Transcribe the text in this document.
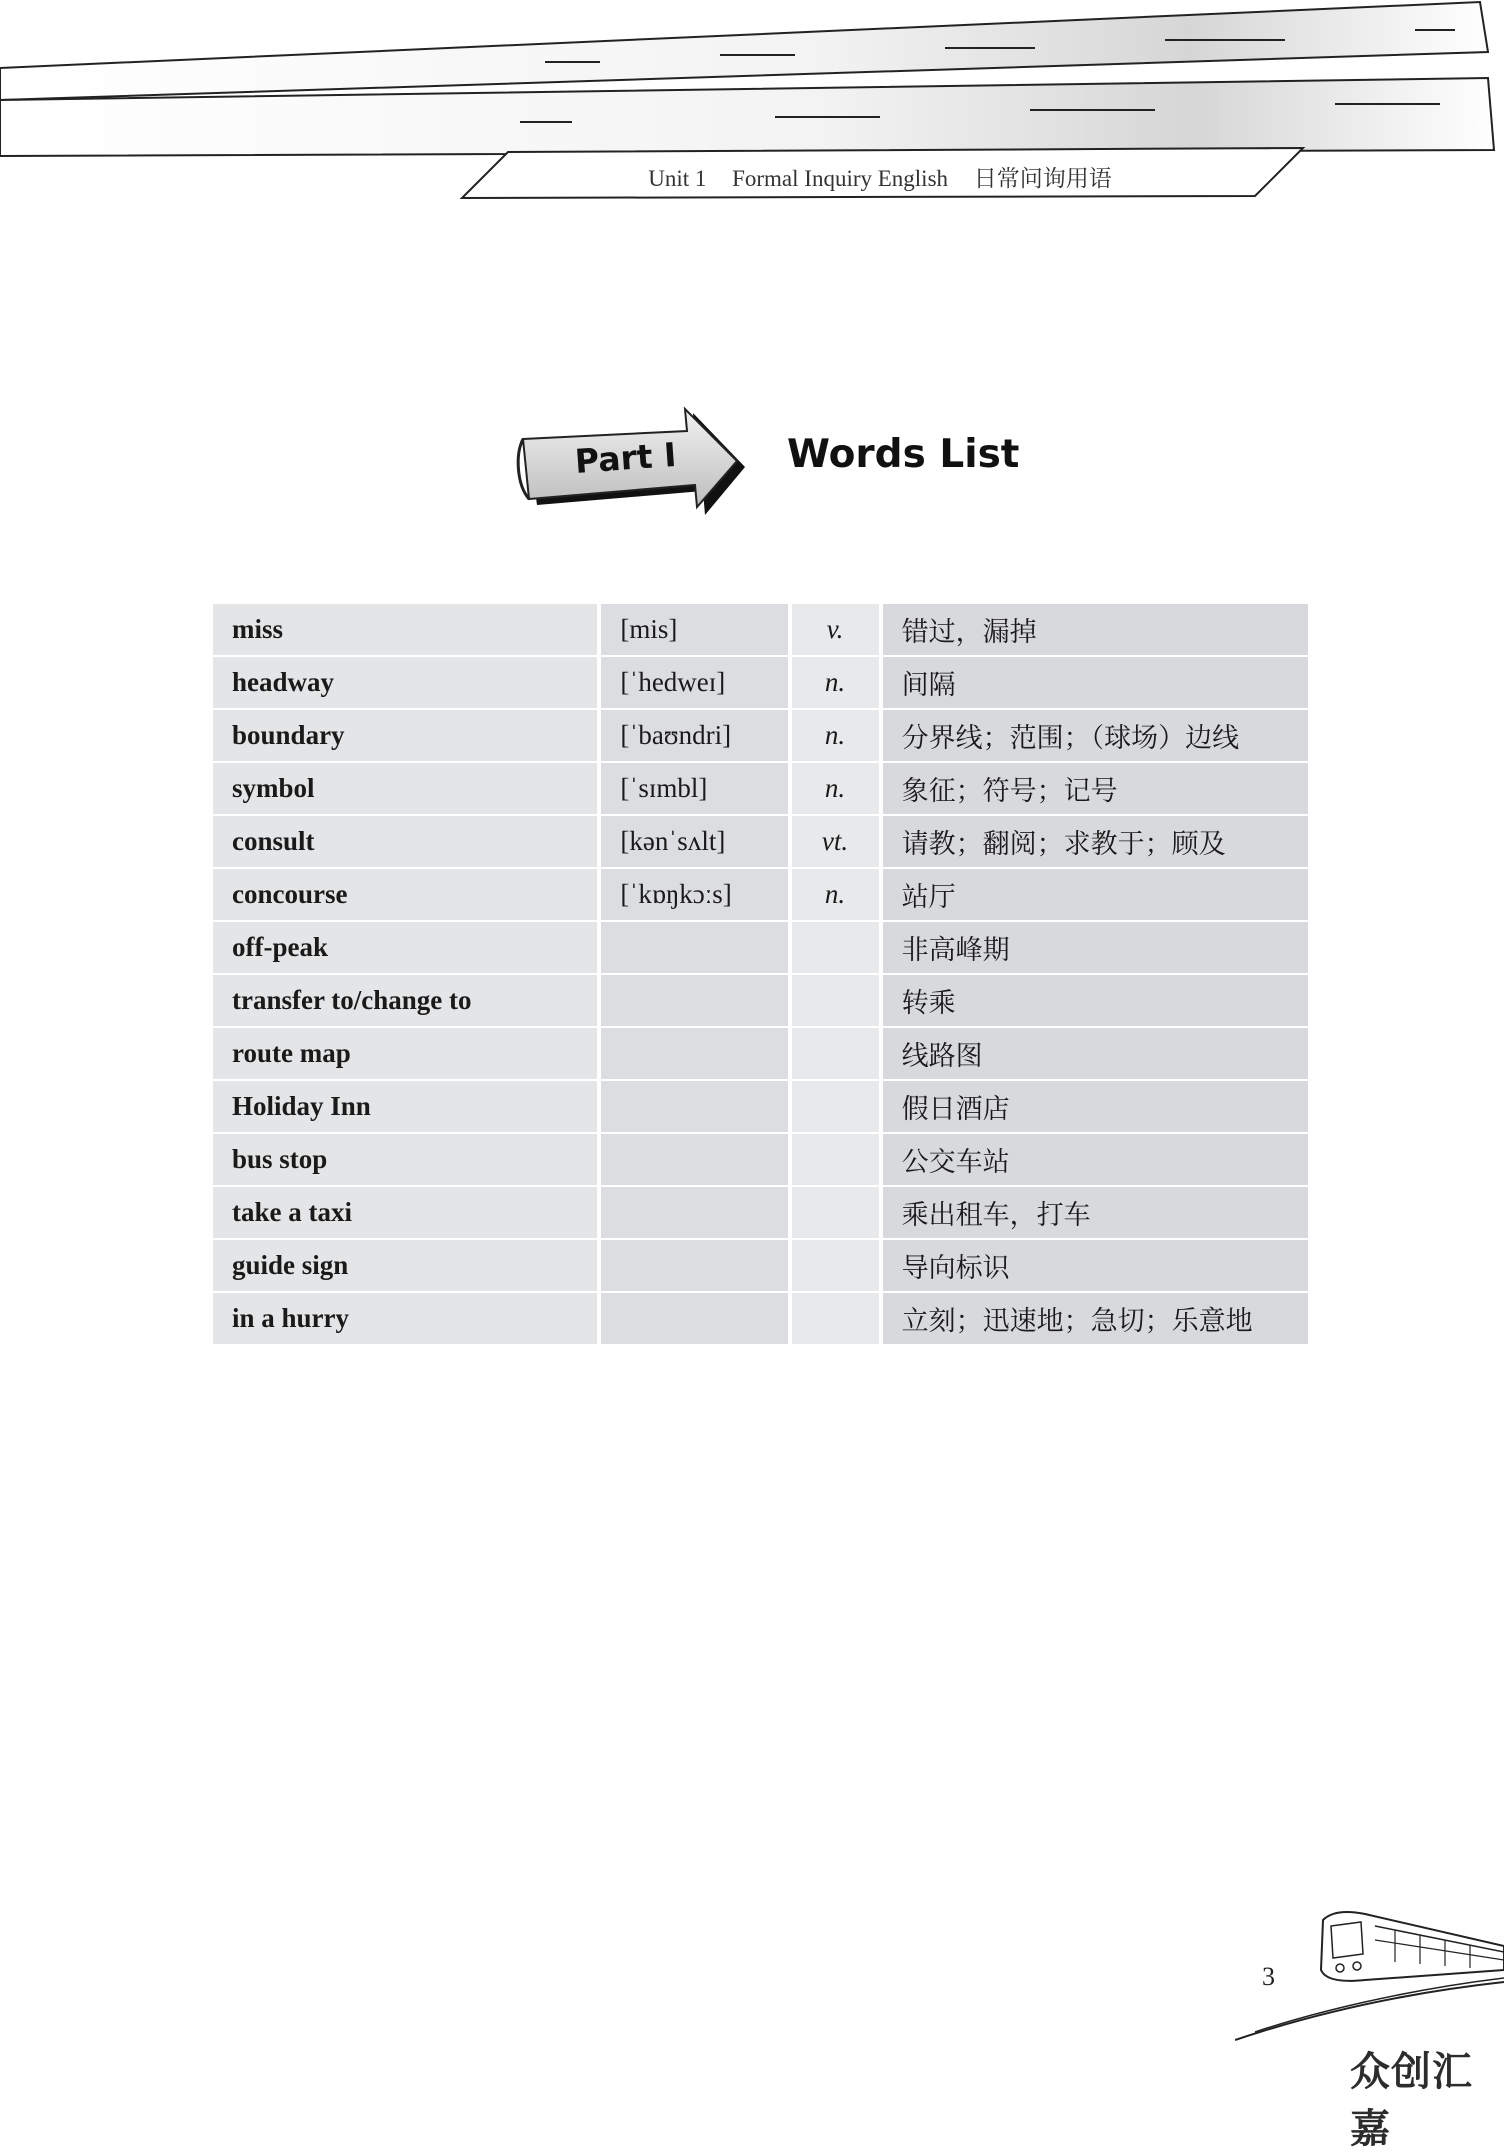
Unit 1 Formal Inquiry English 日常问询用语
Part I	Words List
miss	[mis]	v.	错过，漏掉
headway	[ˈhedweɪ]	n.	间隔
boundary	[ˈbaʊndri]	n.	分界线；范围；（球场）边线
symbol	[ˈsɪmbl]	n.	象征；符号；记号
consult	[kənˈsʌlt]	vt.	请教；翻阅；求教于；顾及
concourse	[ˈkɒŋkɔːs]	n.	站厅
off-peak			非高峰期
transfer to/change to			转乘
route map			线路图
Holiday Inn			假日酒店
bus stop			公交车站
take a taxi			乘出租车，打车
guide sign			导向标识
in a hurry			立刻；迅速地；急切；乐意地
3
众创汇嘉
